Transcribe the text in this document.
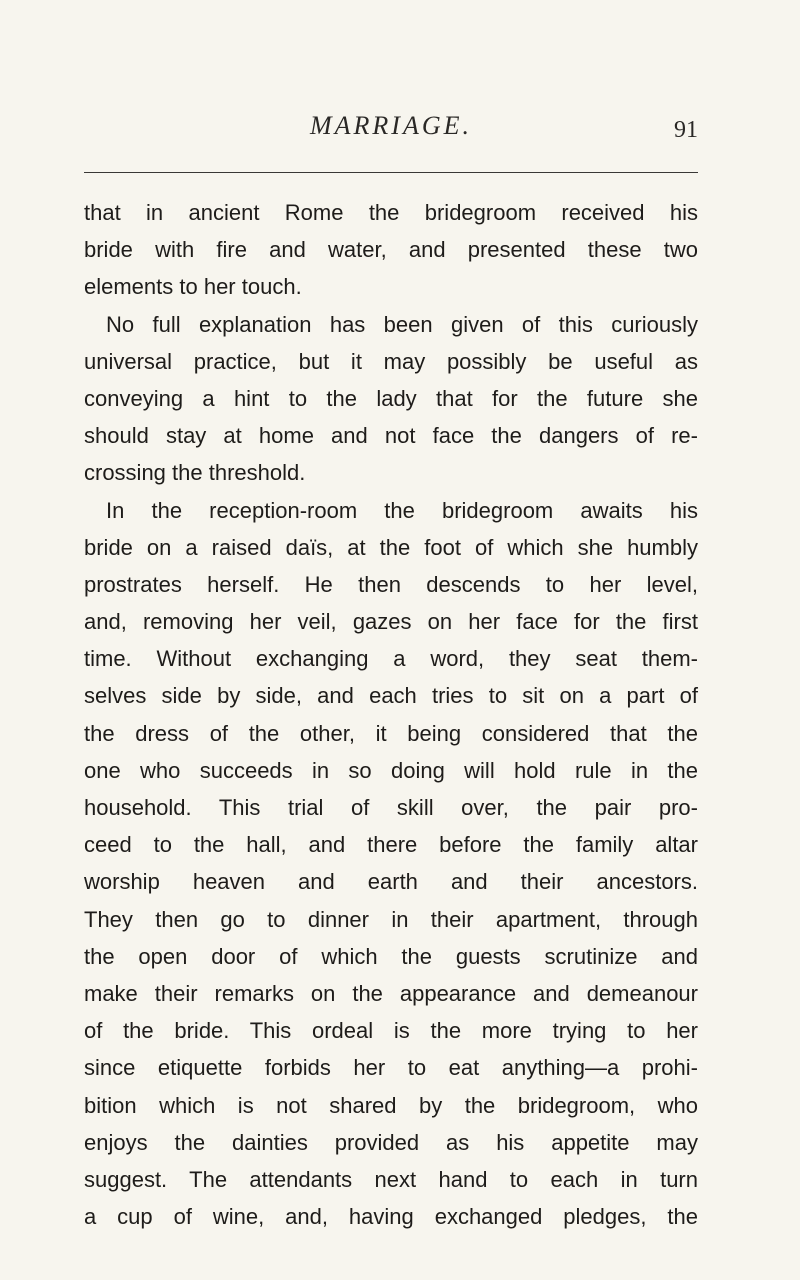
MARRIAGE.	91
that in ancient Rome the bridegroom received his
bride with fire and water, and presented these two
elements to her touch.
No full explanation has been given of this curiously
universal practice, but it may possibly be useful as
conveying a hint to the lady that for the future she
should stay at home and not face the dangers of re-
crossing the threshold.
In the reception-room the bridegroom awaits his
bride on a raised daïs, at the foot of which she humbly
prostrates herself. He then descends to her level,
and, removing her veil, gazes on her face for the first
time. Without exchanging a word, they seat them-
selves side by side, and each tries to sit on a part of
the dress of the other, it being considered that the
one who succeeds in so doing will hold rule in the
household. This trial of skill over, the pair pro-
ceed to the hall, and there before the family altar
worship heaven and earth and their ancestors.
They then go to dinner in their apartment, through
the open door of which the guests scrutinize and
make their remarks on the appearance and demeanour
of the bride. This ordeal is the more trying to her
since etiquette forbids her to eat anything—a prohi-
bition which is not shared by the bridegroom, who
enjoys the dainties provided as his appetite may
suggest. The attendants next hand to each in turn
a cup of wine, and, having exchanged pledges, the
